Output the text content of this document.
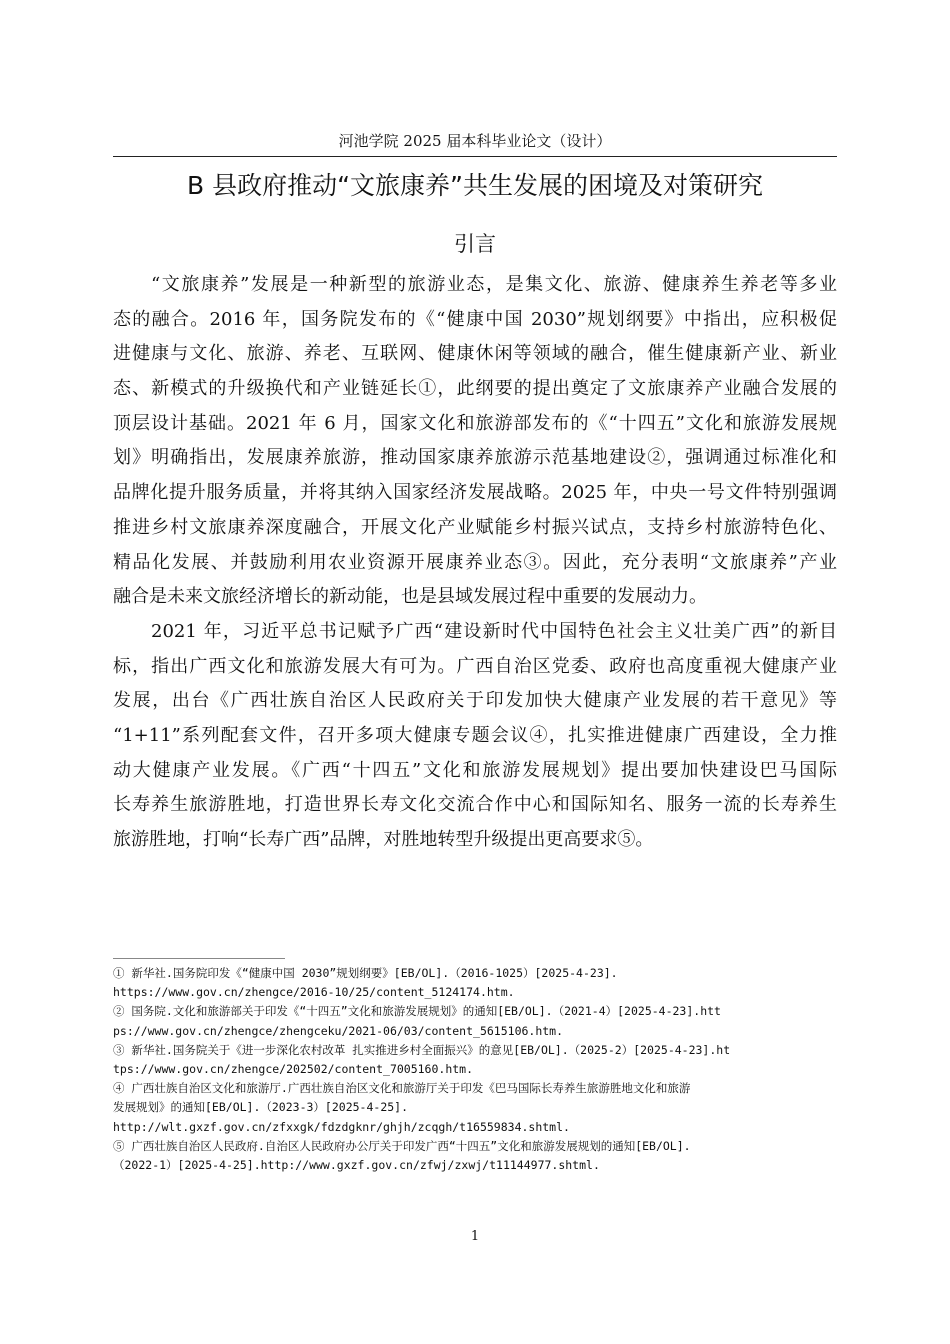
河池学院 2025 届本科毕业论文（设计）
B 县政府推动“文旅康养”共生发展的困境及对策研究
引言
“文旅康养”发展是一种新型的旅游业态，是集文化、旅游、健康养生养老等多业
态的融合。2016 年，国务院发布的《“健康中国 2030”规划纲要》中指出，应积极促
进健康与文化、旅游、养老、互联网、健康休闲等领域的融合，催生健康新产业、新业
态、新模式的升级换代和产业链延长①，此纲要的提出奠定了文旅康养产业融合发展的
顶层设计基础。2021 年 6 月，国家文化和旅游部发布的《“十四五”文化和旅游发展规
划》明确指出，发展康养旅游，推动国家康养旅游示范基地建设②，强调通过标准化和
品牌化提升服务质量，并将其纳入国家经济发展战略。2025 年，中央一号文件特别强调
推进乡村文旅康养深度融合，开展文化产业赋能乡村振兴试点，支持乡村旅游特色化、
精品化发展、并鼓励利用农业资源开展康养业态③。因此，充分表明“文旅康养”产业
融合是未来文旅经济增长的新动能，也是县域发展过程中重要的发展动力。
2021 年，习近平总书记赋予广西“建设新时代中国特色社会主义壮美广西”的新目
标，指出广西文化和旅游发展大有可为。广西自治区党委、政府也高度重视大健康产业
发展，出台《广西壮族自治区人民政府关于印发加快大健康产业发展的若干意见》等
“1+11”系列配套文件，召开多项大健康专题会议④，扎实推进健康广西建设，全力推
动大健康产业发展。《广西“十四五”文化和旅游发展规划》提出要加快建设巴马国际
长寿养生旅游胜地，打造世界长寿文化交流合作中心和国际知名、服务一流的长寿养生
旅游胜地，打响“长寿广西”品牌，对胜地转型升级提出更高要求⑤。
① 新华社.国务院印发《“健康中国 2030”规划纲要》[EB/OL].（2016-1025）[2025-4-23].
https://www.gov.cn/zhengce/2016-10/25/content_5124174.htm.
② 国务院.文化和旅游部关于印发《“十四五”文化和旅游发展规划》的通知[EB/OL].（2021-4）[2025-4-23].htt
ps://www.gov.cn/zhengce/zhengceku/2021-06/03/content_5615106.htm.
③ 新华社.国务院关于《进一步深化农村改革 扎实推进乡村全面振兴》的意见[EB/OL].（2025-2）[2025-4-23].ht
tps://www.gov.cn/zhengce/202502/content_7005160.htm.
④ 广西壮族自治区文化和旅游厅.广西壮族自治区文化和旅游厅关于印发《巴马国际长寿养生旅游胜地文化和旅游
发展规划》的通知[EB/OL].（2023-3）[2025-4-25].
http://wlt.gxzf.gov.cn/zfxxgk/fdzdgknr/ghjh/zcqgh/t16559834.shtml.
⑤ 广西壮族自治区人民政府.自治区人民政府办公厅关于印发广西“十四五”文化和旅游发展规划的通知[EB/OL].
（2022-1）[2025-4-25].http://www.gxzf.gov.cn/zfwj/zxwj/t11144977.shtml.
1
